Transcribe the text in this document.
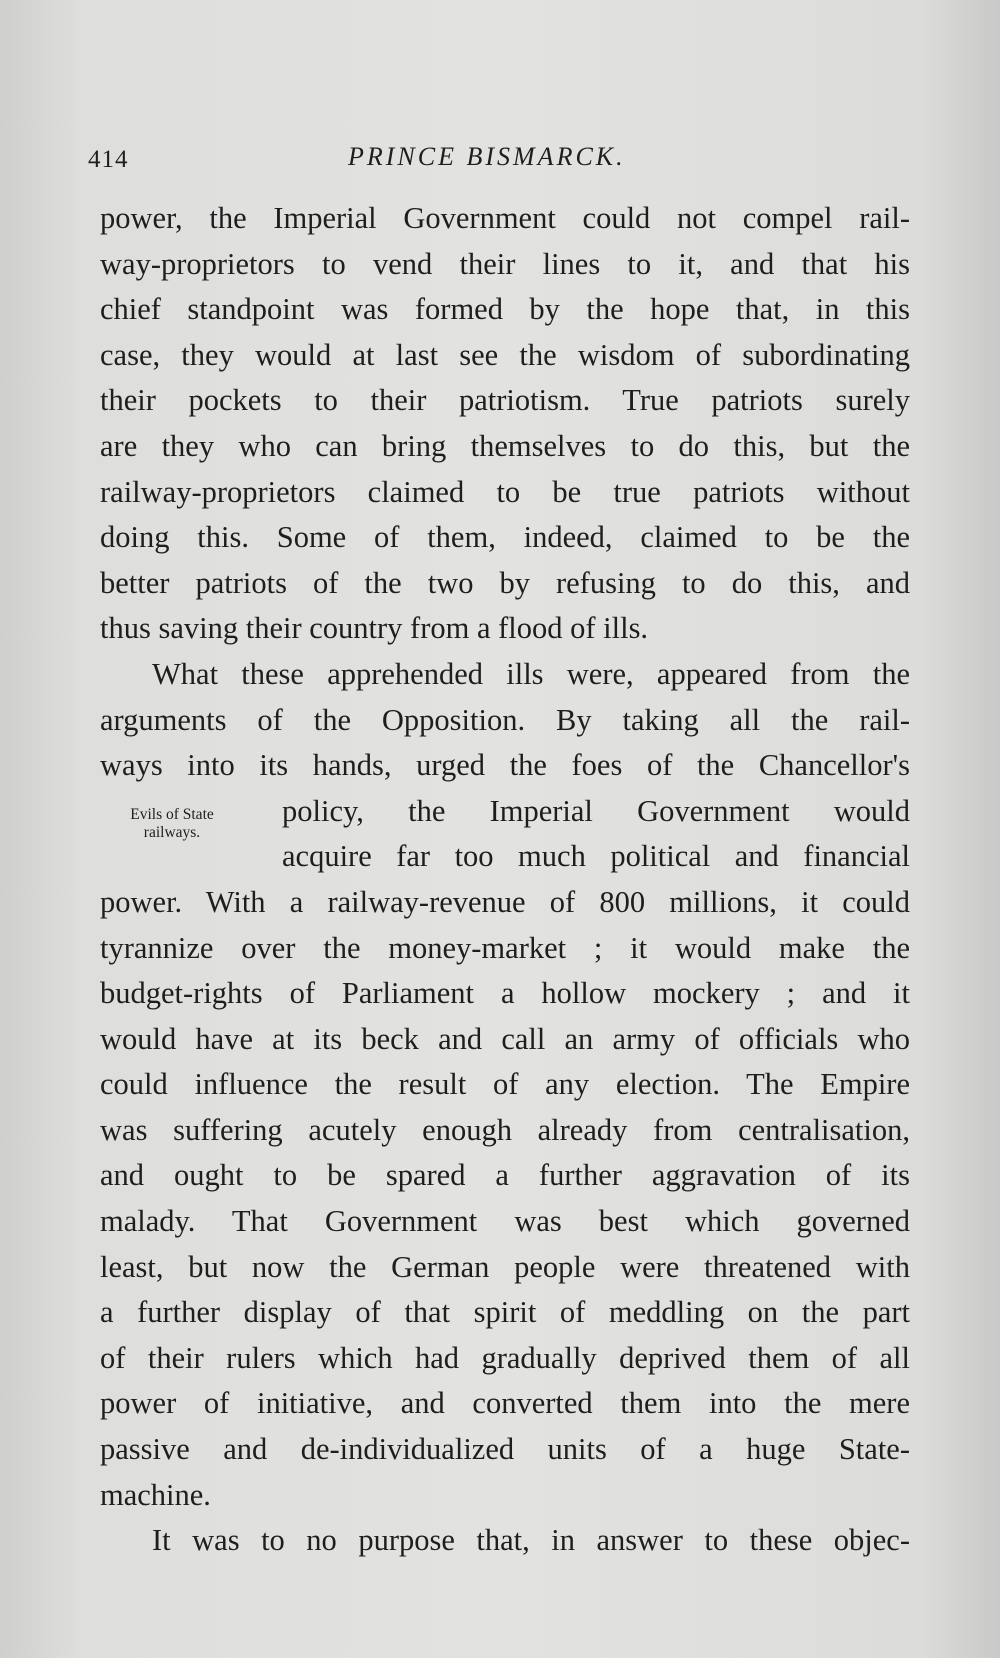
414	PRINCE BISMARCK.
Evils of State
railways.
power, the Imperial Government could not compel rail-
way-proprietors to vend their lines to it, and that his
chief standpoint was formed by the hope that, in this
case, they would at last see the wisdom of subordinating
their pockets to their patriotism. True patriots surely
are they who can bring themselves to do this, but the
railway-proprietors claimed to be true patriots without
doing this. Some of them, indeed, claimed to be the
better patriots of the two by refusing to do this, and
thus saving their country from a flood of ills.
What these apprehended ills were, appeared from the
arguments of the Opposition. By taking all the rail-
ways into its hands, urged the foes of the Chancellor's
policy, the Imperial Government would
acquire far too much political and financial
power. With a railway-revenue of 800 millions, it could
tyrannize over the money-market ; it would make the
budget-rights of Parliament a hollow mockery ; and it
would have at its beck and call an army of officials who
could influence the result of any election. The Empire
was suffering acutely enough already from centralisation,
and ought to be spared a further aggravation of its
malady. That Government was best which governed
least, but now the German people were threatened with
a further display of that spirit of meddling on the part
of their rulers which had gradually deprived them of all
power of initiative, and converted them into the mere
passive and de-individualized units of a huge State-
machine.
It was to no purpose that, in answer to these objec-
